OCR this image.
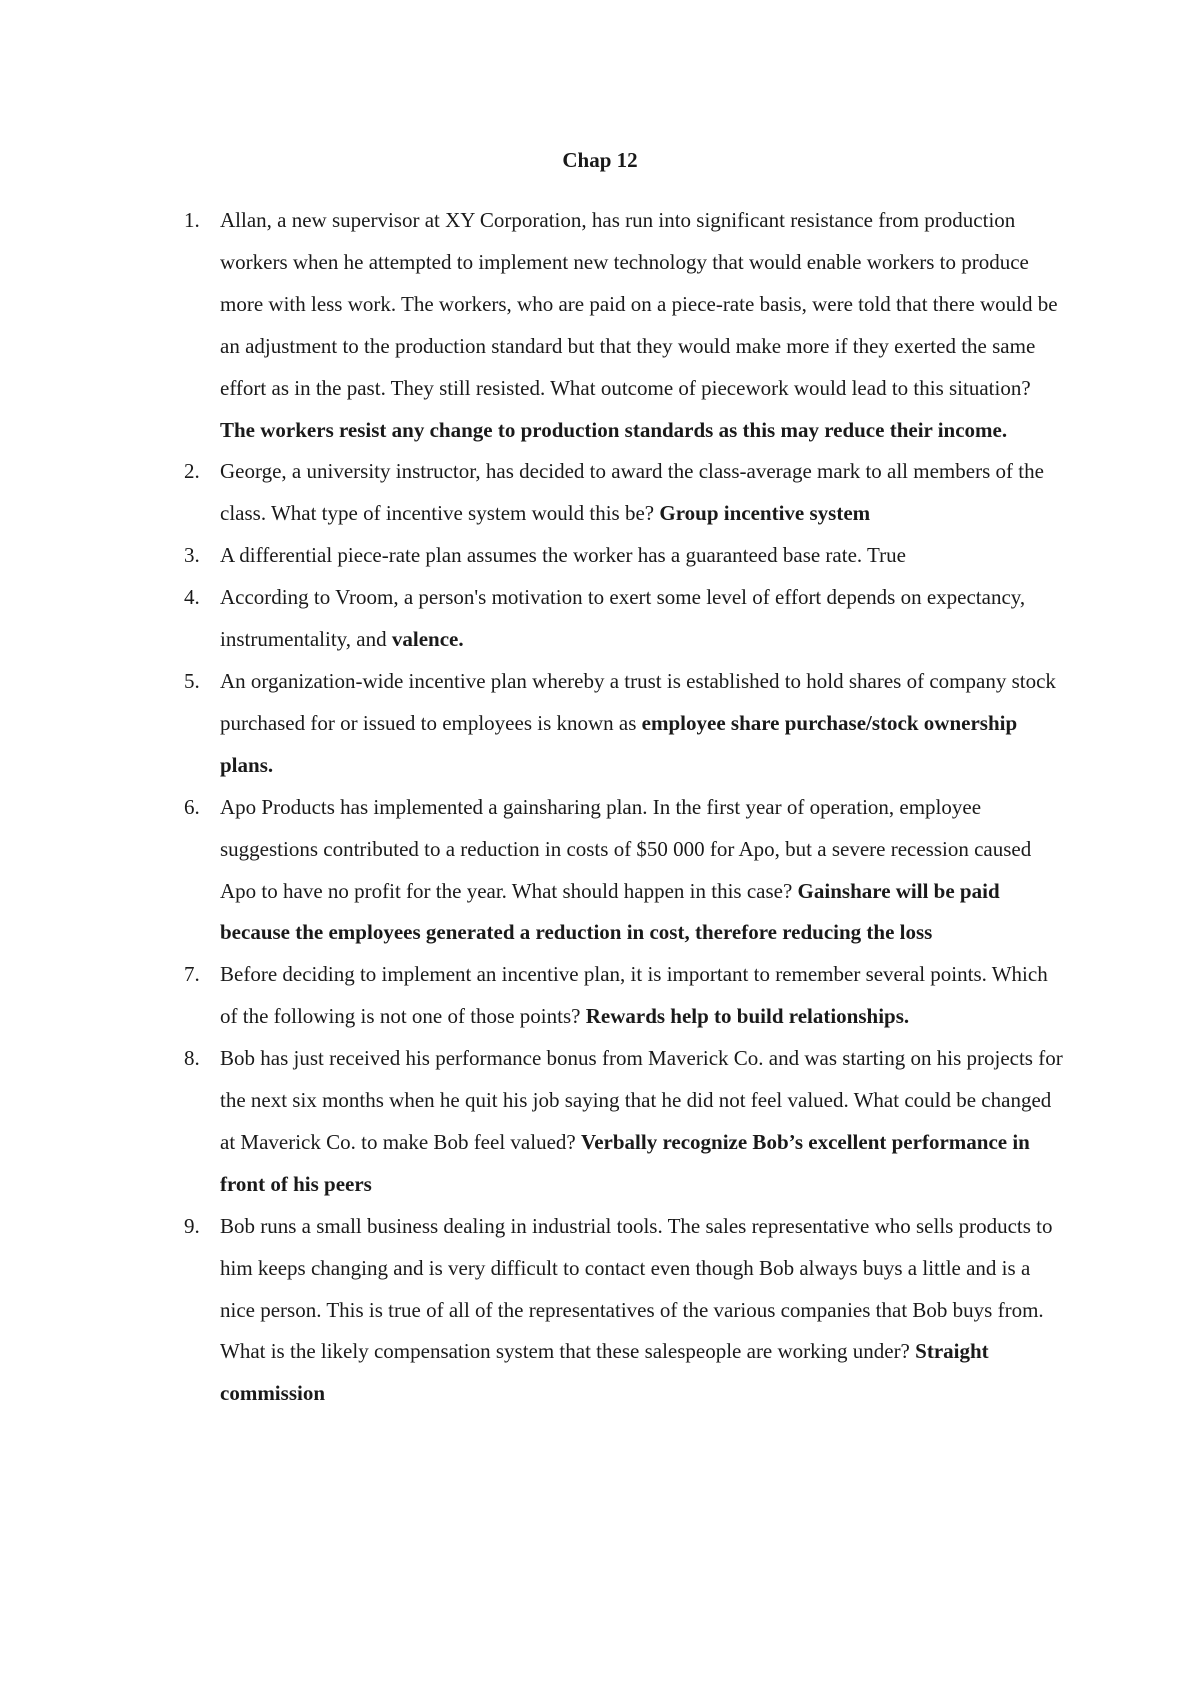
Chap 12
1. Allan, a new supervisor at XY Corporation, has run into significant resistance from production workers when he attempted to implement new technology that would enable workers to produce more with less work. The workers, who are paid on a piece-rate basis, were told that there would be an adjustment to the production standard but that they would make more if they exerted the same effort as in the past. They still resisted. What outcome of piecework would lead to this situation? The workers resist any change to production standards as this may reduce their income.
2. George, a university instructor, has decided to award the class-average mark to all members of the class. What type of incentive system would this be? Group incentive system
3. A differential piece-rate plan assumes the worker has a guaranteed base rate. True
4. According to Vroom, a person's motivation to exert some level of effort depends on expectancy, instrumentality, and valence.
5. An organization-wide incentive plan whereby a trust is established to hold shares of company stock purchased for or issued to employees is known as employee share purchase/stock ownership plans.
6. Apo Products has implemented a gainsharing plan. In the first year of operation, employee suggestions contributed to a reduction in costs of $50 000 for Apo, but a severe recession caused Apo to have no profit for the year. What should happen in this case? Gainshare will be paid because the employees generated a reduction in cost, therefore reducing the loss
7. Before deciding to implement an incentive plan, it is important to remember several points. Which of the following is not one of those points? Rewards help to build relationships.
8. Bob has just received his performance bonus from Maverick Co. and was starting on his projects for the next six months when he quit his job saying that he did not feel valued. What could be changed at Maverick Co. to make Bob feel valued? Verbally recognize Bob’s excellent performance in front of his peers
9. Bob runs a small business dealing in industrial tools. The sales representative who sells products to him keeps changing and is very difficult to contact even though Bob always buys a little and is a nice person. This is true of all of the representatives of the various companies that Bob buys from. What is the likely compensation system that these salespeople are working under? Straight commission
